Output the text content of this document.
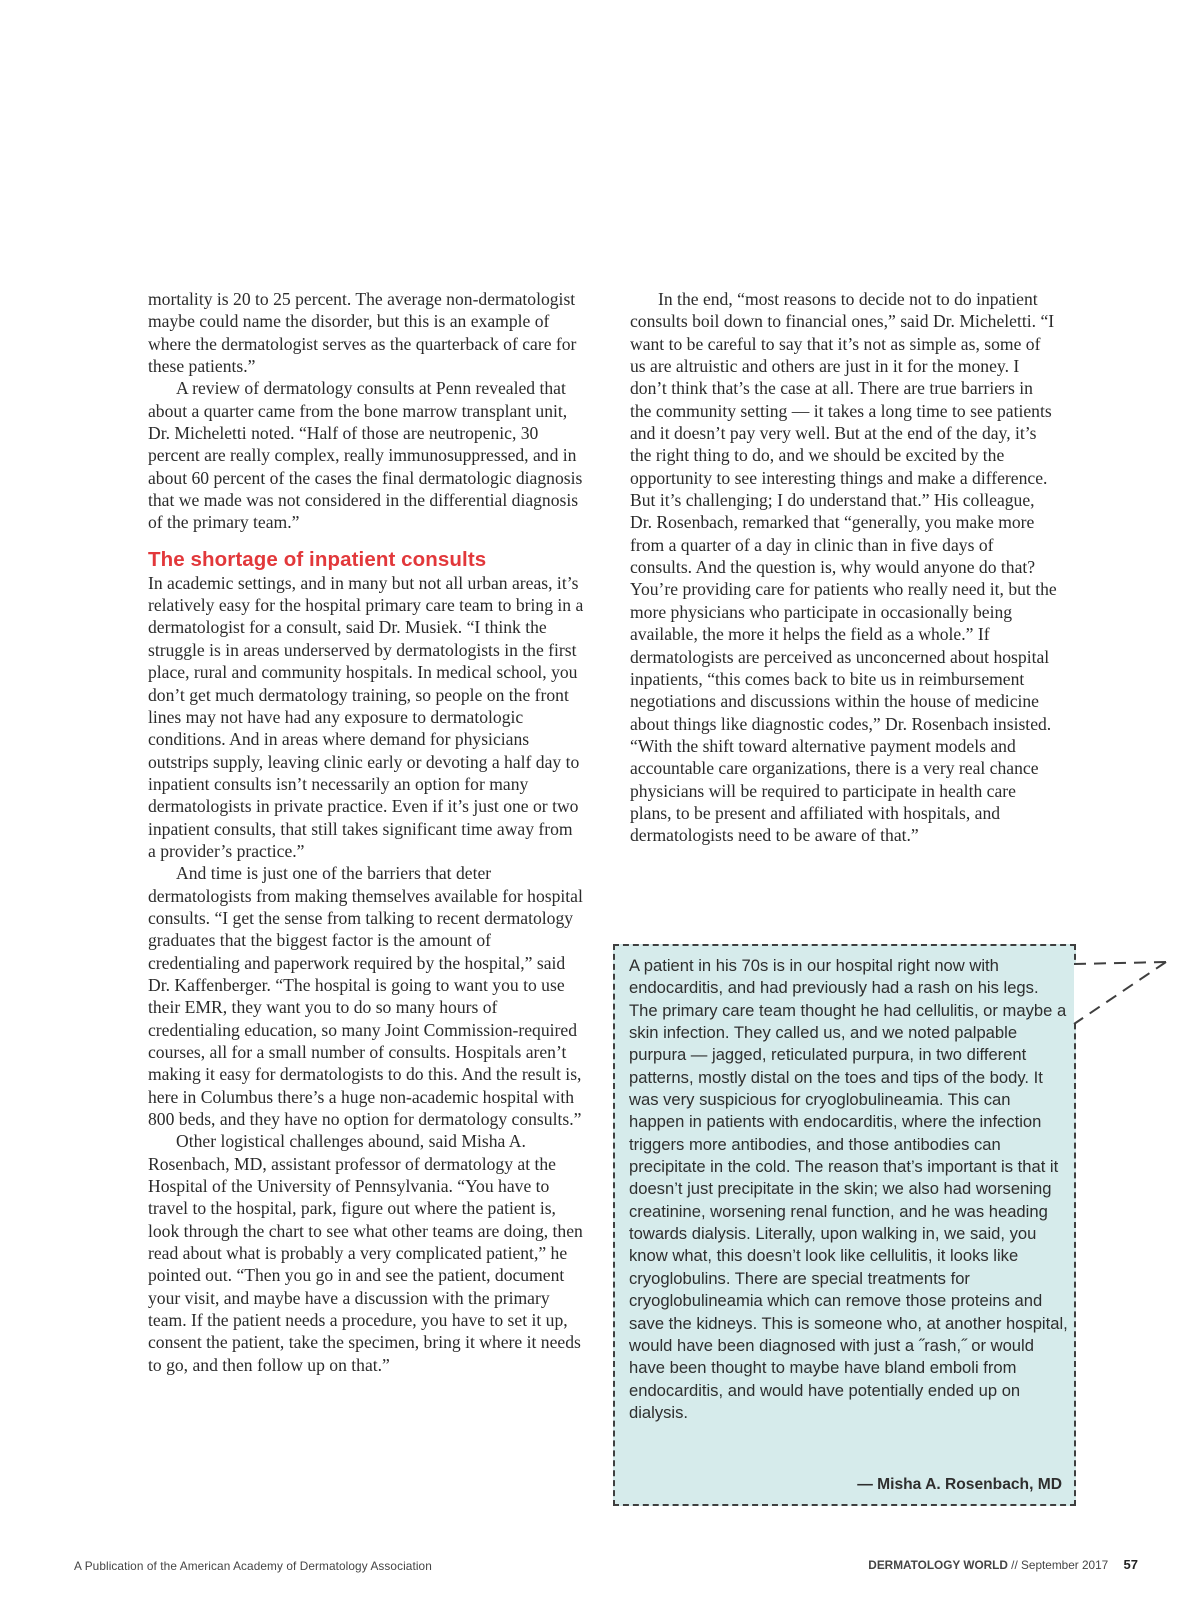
mortality is 20 to 25 percent. The average non-dermatologist maybe could name the disorder, but this is an example of where the dermatologist serves as the quarterback of care for these patients.”

A review of dermatology consults at Penn revealed that about a quarter came from the bone marrow transplant unit, Dr. Micheletti noted. “Half of those are neutropenic, 30 percent are really complex, really immunosuppressed, and in about 60 percent of the cases the final dermatologic diagnosis that we made was not considered in the differential diagnosis of the primary team.”

The shortage of inpatient consults

In academic settings, and in many but not all urban areas, it’s relatively easy for the hospital primary care team to bring in a dermatologist for a consult, said Dr. Musiek. “I think the struggle is in areas underserved by dermatologists in the first place, rural and community hospitals. In medical school, you don’t get much dermatology training, so people on the front lines may not have had any exposure to dermatologic conditions. And in areas where demand for physicians outstrips supply, leaving clinic early or devoting a half day to inpatient consults isn’t necessarily an option for many dermatologists in private practice. Even if it’s just one or two inpatient consults, that still takes significant time away from a provider’s practice.”

And time is just one of the barriers that deter dermatologists from making themselves available for hospital consults. “I get the sense from talking to recent dermatology graduates that the biggest factor is the amount of credentialing and paperwork required by the hospital,” said Dr. Kaffenberger. “The hospital is going to want you to use their EMR, they want you to do so many hours of credentialing education, so many Joint Commission-required courses, all for a small number of consults. Hospitals aren’t making it easy for dermatologists to do this. And the result is, here in Columbus there’s a huge non-academic hospital with 800 beds, and they have no option for dermatology consults.”

Other logistical challenges abound, said Misha A. Rosenbach, MD, assistant professor of dermatology at the Hospital of the University of Pennsylvania. “You have to travel to the hospital, park, figure out where the patient is, look through the chart to see what other teams are doing, then read about what is probably a very complicated patient,” he pointed out. “Then you go in and see the patient, document your visit, and maybe have a discussion with the primary team. If the patient needs a procedure, you have to set it up, consent the patient, take the specimen, bring it where it needs to go, and then follow up on that.”

In the end, “most reasons to decide not to do inpatient consults boil down to financial ones,” said Dr. Micheletti. “I want to be careful to say that it’s not as simple as, some of us are altruistic and others are just in it for the money. I don’t think that’s the case at all. There are true barriers in the community setting — it takes a long time to see patients and it doesn’t pay very well. But at the end of the day, it’s the right thing to do, and we should be excited by the opportunity to see interesting things and make a difference. But it’s challenging; I do understand that.” His colleague, Dr. Rosenbach, remarked that “generally, you make more from a quarter of a day in clinic than in five days of consults. And the question is, why would anyone do that? You’re providing care for patients who really need it, but the more physicians who participate in occasionally being available, the more it helps the field as a whole.” If dermatologists are perceived as unconcerned about hospital inpatients, “this comes back to bite us in reimbursement negotiations and discussions within the house of medicine about things like diagnostic codes,” Dr. Rosenbach insisted. “With the shift toward alternative payment models and accountable care organizations, there is a very real chance physicians will be required to participate in health care plans, to be present and affiliated with hospitals, and dermatologists need to be aware of that.”

A patient in his 70s is in our hospital right now with endocarditis, and had previously had a rash on his legs. The primary care team thought he had cellulitis, or maybe a skin infection. They called us, and we noted palpable purpura — jagged, reticulated purpura, in two different patterns, mostly distal on the toes and tips of the body. It was very suspicious for cryoglobulineamia. This can happen in patients with endocarditis, where the infection triggers more antibodies, and those antibodies can precipitate in the cold. The reason that’s important is that it doesn’t just precipitate in the skin; we also had worsening creatinine, worsening renal function, and he was heading towards dialysis. Literally, upon walking in, we said, you know what, this doesn’t look like cellulitis, it looks like cryoglobulins. There are special treatments for cryoglobulineamia which can remove those proteins and save the kidneys. This is someone who, at another hospital, would have been diagnosed with just a ˝rash,˝ or would have been thought to maybe have bland emboli from endocarditis, and would have potentially ended up on dialysis.
— Misha A. Rosenbach, MD
A Publication of the American Academy of Dermatology Association	DERMATOLOGY WORLD // September 2017 57
